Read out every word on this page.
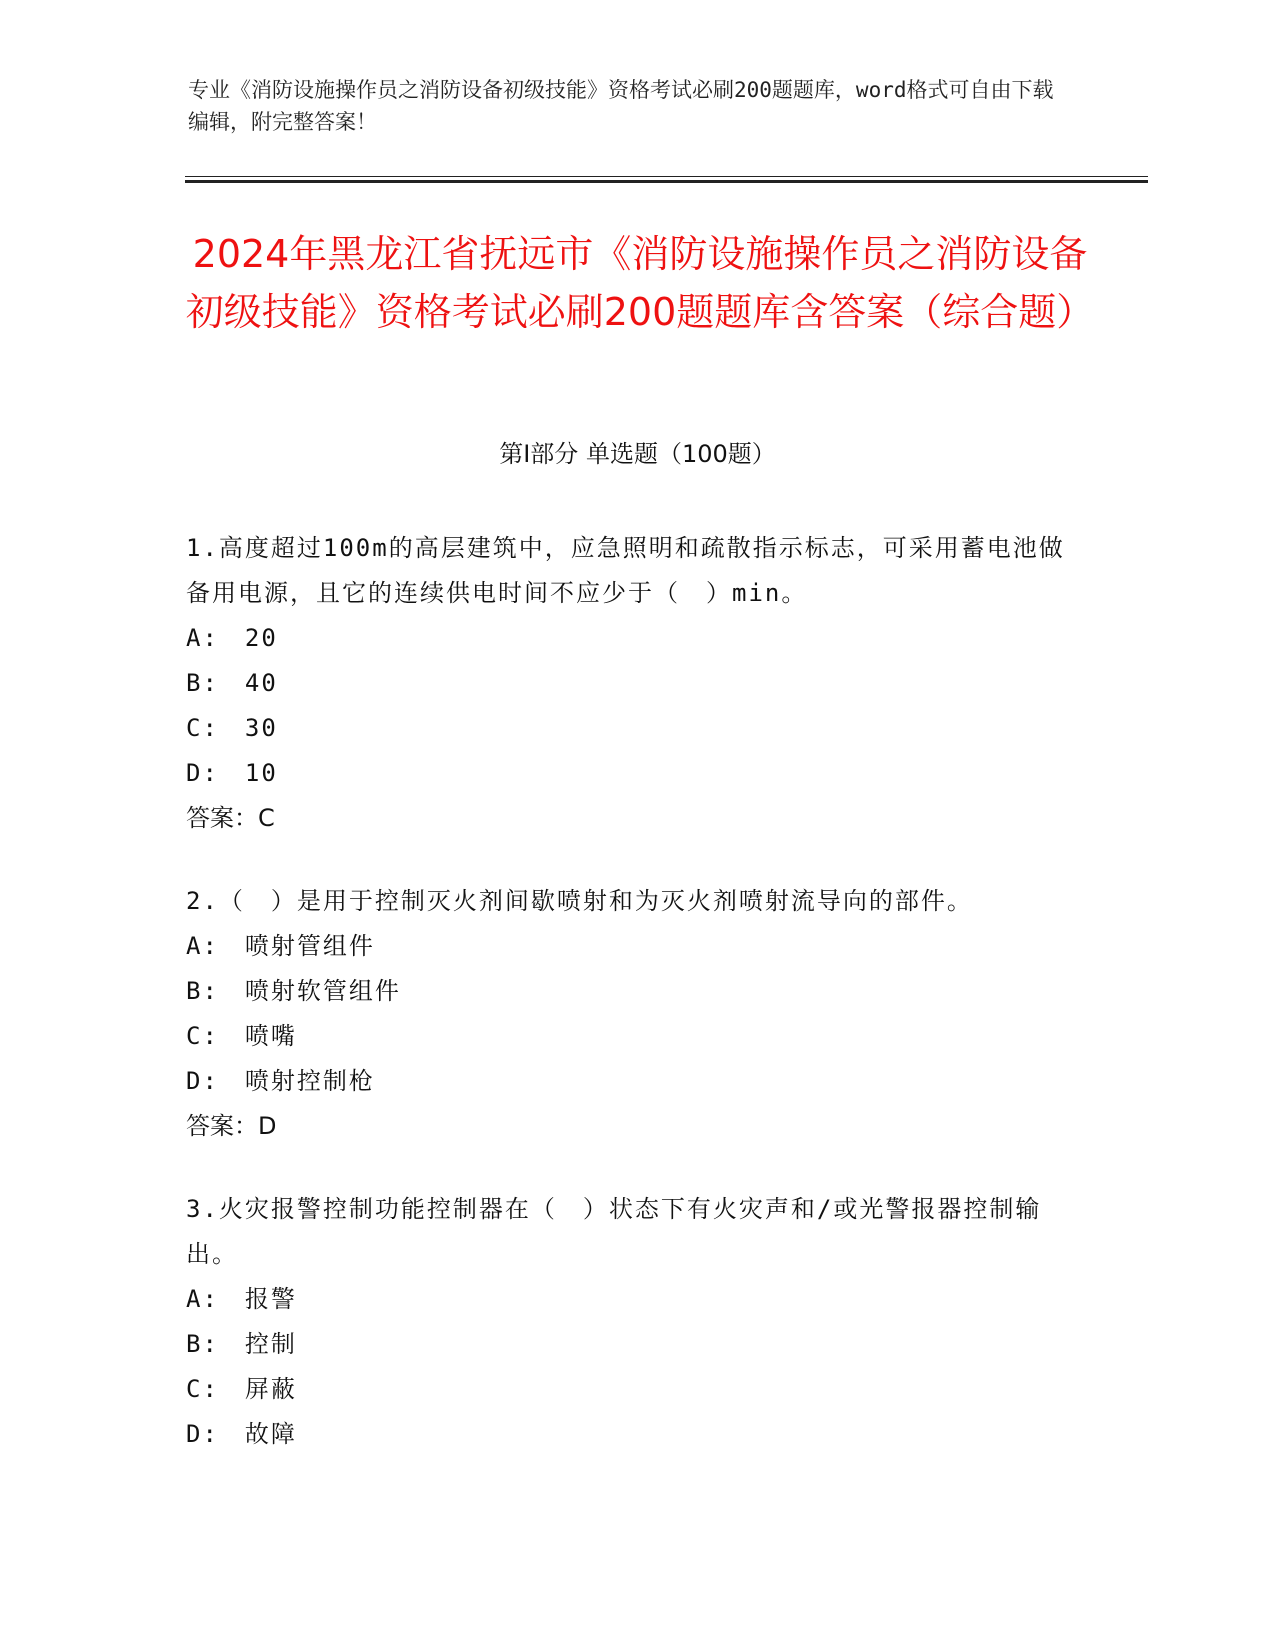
专业《消防设施操作员之消防设备初级技能》资格考试必刷200题题库，word格式可自由下载编辑，附完整答案！
2024年黑龙江省抚远市《消防设施操作员之消防设备初级技能》资格考试必刷200题题库含答案（综合题）
第I部分 单选题（100题）

1.高度超过100m的高层建筑中，应急照明和疏散指示标志，可采用蓄电池做备用电源，且它的连续供电时间不应少于（　）min。

A:　20

B:　40

C:　30

D:　10

答案：C

2.（　）是用于控制灭火剂间歇喷射和为灭火剂喷射流导向的部件。

A:　喷射管组件

B:　喷射软管组件

C:　喷嘴

D:　喷射控制枪

答案：D

3.火灾报警控制功能控制器在（　）状态下有火灾声和/或光警报器控制输出。

A:　报警

B:　控制

C:　屏蔽

D:　故障
